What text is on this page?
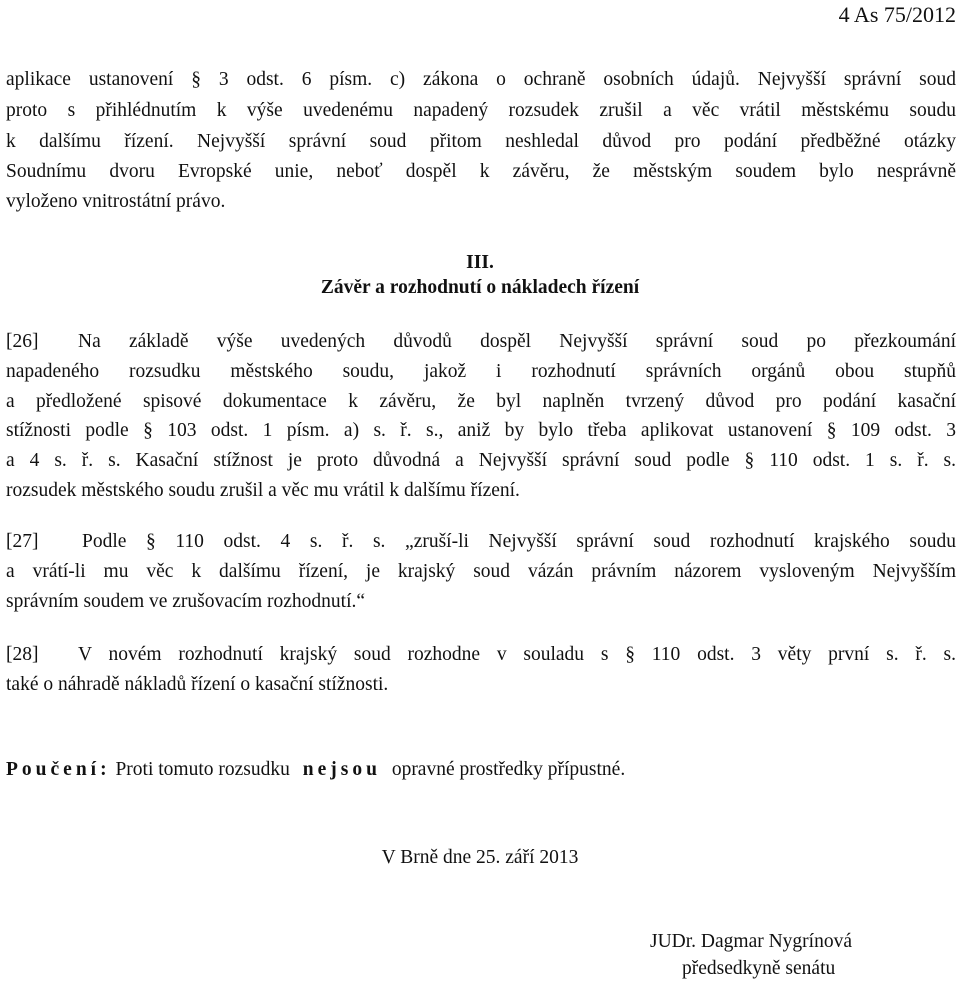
4 As 75/2012
aplikace ustanovení § 3 odst. 6 písm. c) zákona o ochraně osobních údajů. Nejvyšší správní soud
proto s přihlédnutím k výše uvedenému napadený rozsudek zrušil a věc vrátil městskému soudu
k dalšímu řízení. Nejvyšší správní soud přitom neshledal důvod pro podání předběžné otázky
Soudnímu dvoru Evropské unie, neboť dospěl k závěru, že městským soudem bylo nesprávně
vyloženo vnitrostátní právo.
III.
Závěr a rozhodnutí o nákladech řízení
[26] Na základě výše uvedených důvodů dospěl Nejvyšší správní soud po přezkoumání
napadeného rozsudku městského soudu, jakož i rozhodnutí správních orgánů obou stupňů
a předložené spisové dokumentace k závěru, že byl naplněn tvrzený důvod pro podání kasační
stížnosti podle § 103 odst. 1 písm. a) s. ř. s., aniž by bylo třeba aplikovat ustanovení § 109 odst. 3
a 4 s. ř. s. Kasační stížnost je proto důvodná a Nejvyšší správní soud podle § 110 odst. 1 s. ř. s.
rozsudek městského soudu zrušil a věc mu vrátil k dalšímu řízení.
[27] Podle § 110 odst. 4 s. ř. s. „zruší-li Nejvyšší správní soud rozhodnutí krajského soudu
a vrátí-li mu věc k dalšímu řízení, je krajský soud vázán právním názorem vysloveným Nejvyšším
správním soudem ve zrušovacím rozhodnutí.“
[28] V novém rozhodnutí krajský soud rozhodne v souladu s § 110 odst. 3 věty první s. ř. s.
také o náhradě nákladů řízení o kasační stížnosti.
Poučení: Proti tomuto rozsudku nejsou opravné prostředky přípustné.
V Brně dne 25. září 2013
JUDr. Dagmar Nygrínová
předsedkyně senátu
